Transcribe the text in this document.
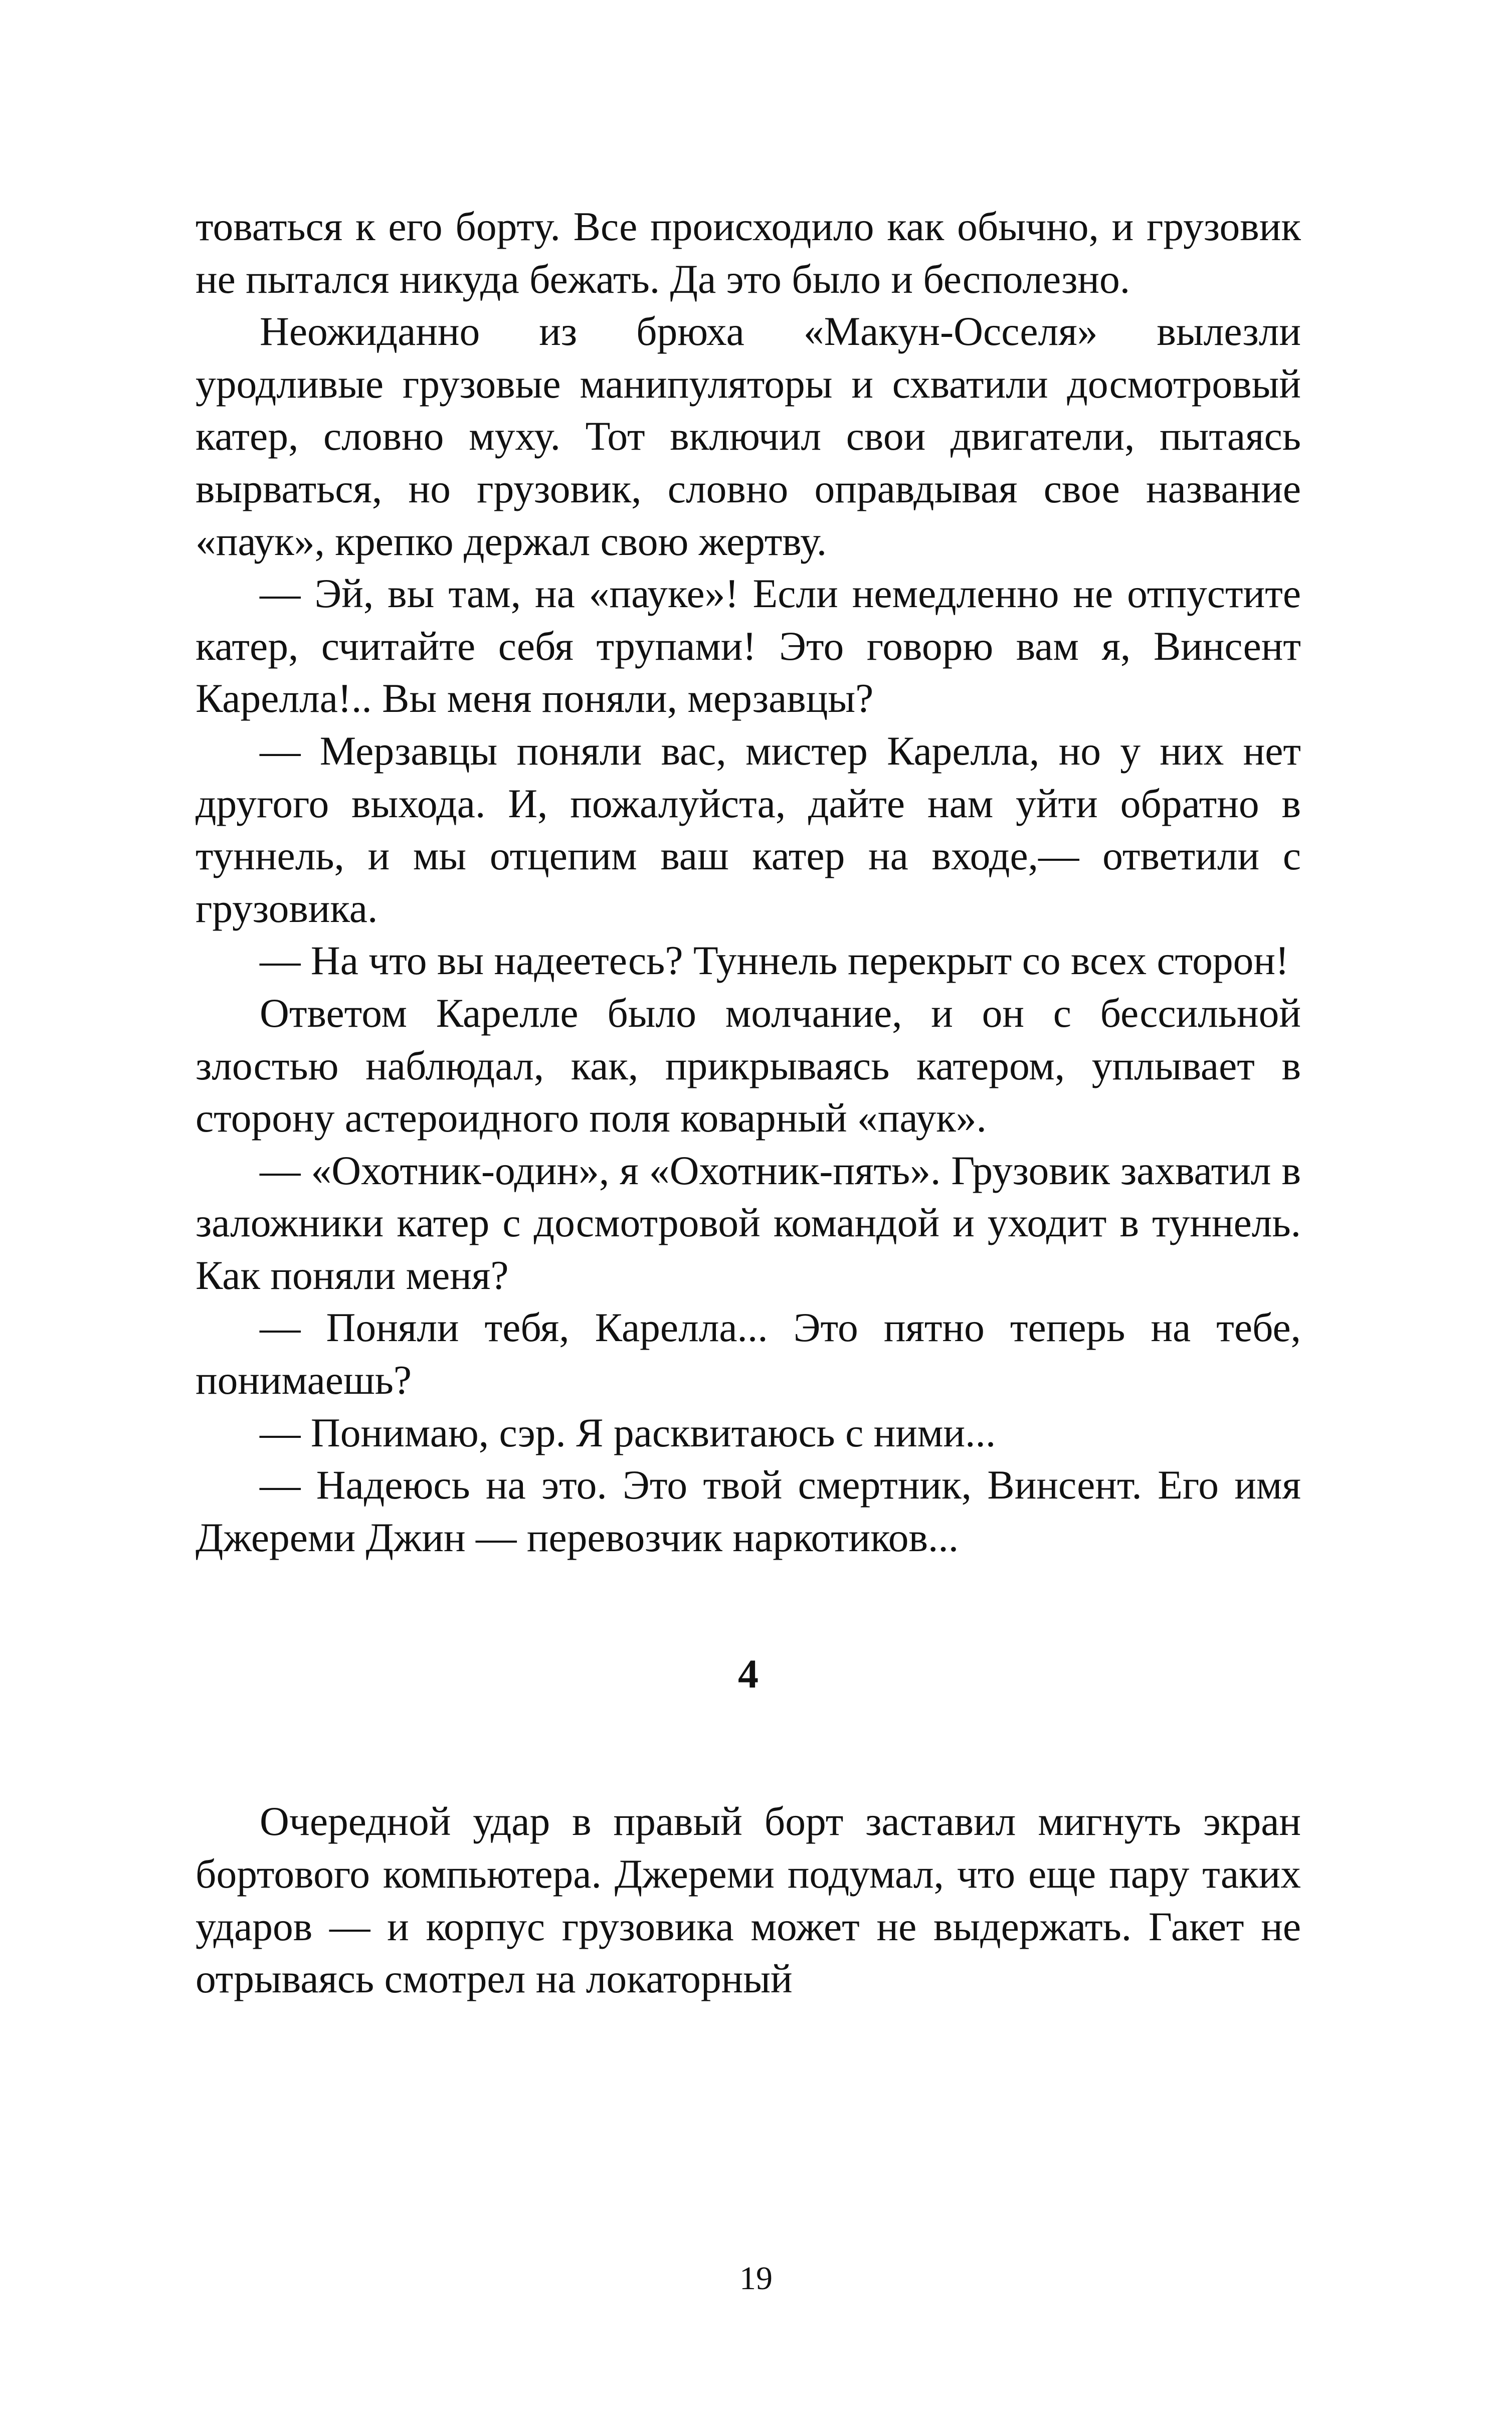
товаться к его борту. Все происходило как обычно, и грузовик не пытался никуда бежать. Да это было и бесполезно.

Неожиданно из брюха «Макун-Осселя» вылезли уродливые грузовые манипуляторы и схватили досмотровый катер, словно муху. Тот включил свои двигатели, пытаясь вырваться, но грузовик, словно оправдывая свое название «паук», крепко держал свою жертву.

— Эй, вы там, на «пауке»! Если немедленно не отпустите катер, считайте себя трупами! Это говорю вам я, Винсент Карелла!.. Вы меня поняли, мерзавцы?

— Мерзавцы поняли вас, мистер Карелла, но у них нет другого выхода. И, пожалуйста, дайте нам уйти обратно в туннель, и мы отцепим ваш катер на входе,— ответили с грузовика.

— На что вы надеетесь? Туннель перекрыт со всех сторон!

Ответом Карелле было молчание, и он с бессильной злостью наблюдал, как, прикрываясь катером, уплывает в сторону астероидного поля коварный «паук».

— «Охотник-один», я «Охотник-пять». Грузовик захватил в заложники катер с досмотровой командой и уходит в туннель. Как поняли меня?

— Поняли тебя, Карелла... Это пятно теперь на тебе, понимаешь?

— Понимаю, сэр. Я расквитаюсь с ними...

— Надеюсь на это. Это твой смертник, Винсент. Его имя Джереми Джин — перевозчик наркотиков...

4

Очередной удар в правый борт заставил мигнуть экран бортового компьютера. Джереми подумал, что еще пару таких ударов — и корпус грузовика может не выдержать. Гакет не отрываясь смотрел на локаторный

19
